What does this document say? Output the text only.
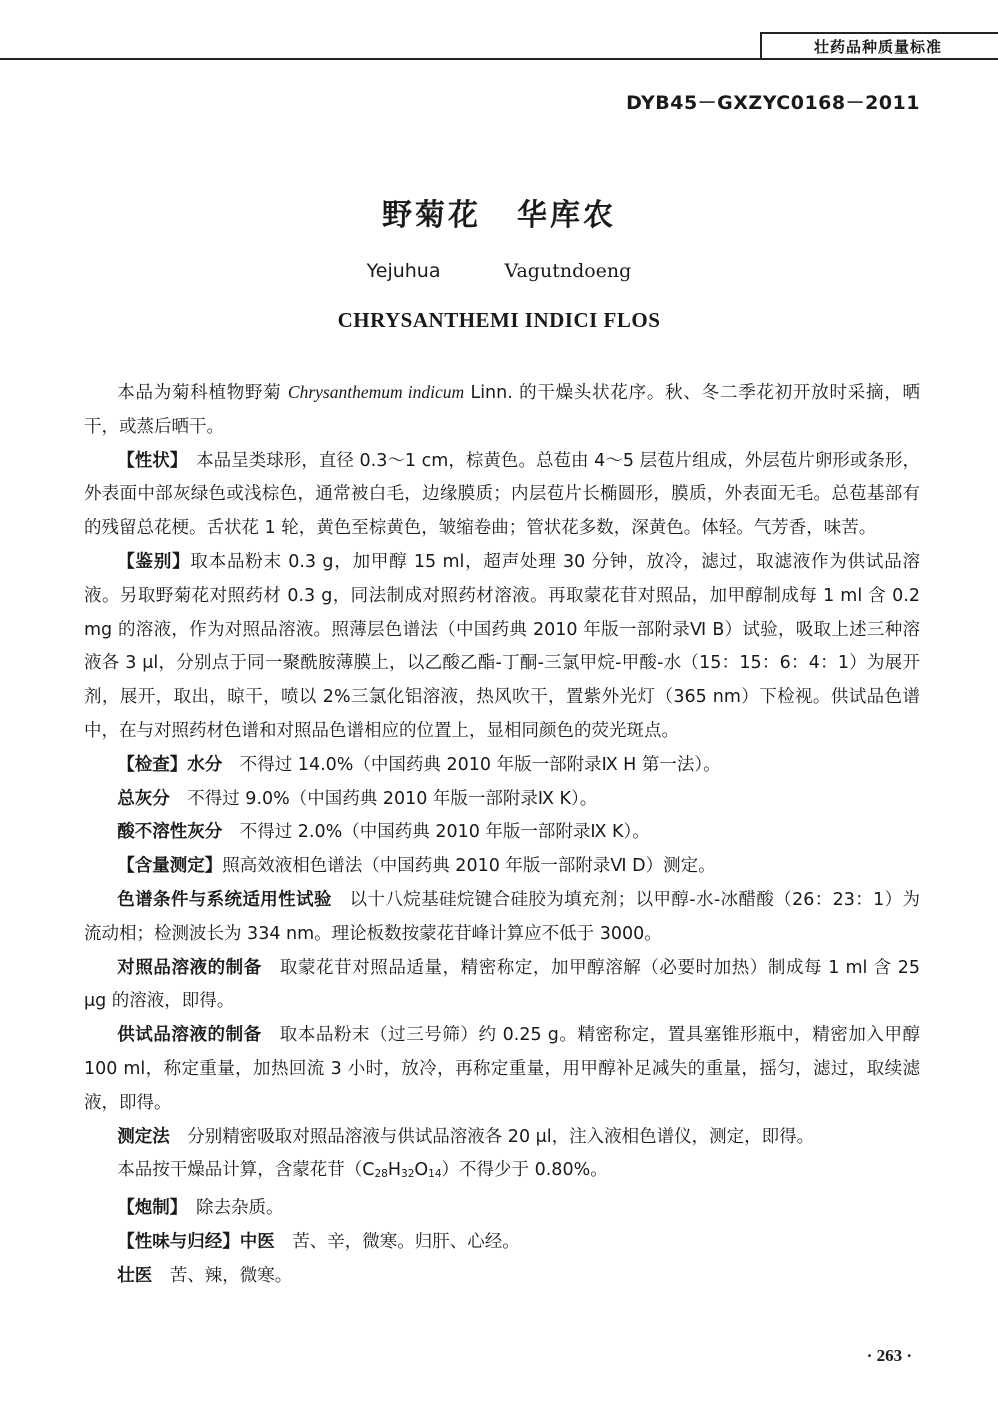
壮药品种质量标准
DYB45－GXZYC0168－2011
野菊花 华库农
Yejuhua	Vagutndoeng
CHRYSANTHEMI INDICI FLOS

本品为菊科植物野菊 Chrysanthemum indicum Linn. 的干燥头状花序。秋、冬二季花初开放时采摘，晒干，或蒸后晒干。

【性状】　本品呈类球形，直径 0.3～1 cm，棕黄色。总苞由 4～5 层苞片组成，外层苞片卵形或条形，外表面中部灰绿色或浅棕色，通常被白毛，边缘膜质；内层苞片长椭圆形，膜质，外表面无毛。总苞基部有的残留总花梗。舌状花 1 轮，黄色至棕黄色，皱缩卷曲；管状花多数，深黄色。体轻。气芳香，味苦。

【鉴别】取本品粉末 0.3 g，加甲醇 15 ml，超声处理 30 分钟，放冷，滤过，取滤液作为供试品溶液。另取野菊花对照药材 0.3 g，同法制成对照药材溶液。再取蒙花苷对照品，加甲醇制成每 1 ml 含 0.2 mg 的溶液，作为对照品溶液。照薄层色谱法（中国药典 2010 年版一部附录Ⅵ B）试验，吸取上述三种溶液各 3 μl，分别点于同一聚酰胺薄膜上，以乙酸乙酯-丁酮-三氯甲烷-甲酸-水（15：15：6：4：1）为展开剂，展开，取出，晾干，喷以 2%三氯化铝溶液，热风吹干，置紫外光灯（365 nm）下检视。供试品色谱中，在与对照药材色谱和对照品色谱相应的位置上，显相同颜色的荧光斑点。

【检查】水分　不得过 14.0%（中国药典 2010 年版一部附录Ⅸ H 第一法）。

总灰分　不得过 9.0%（中国药典 2010 年版一部附录Ⅸ K）。

酸不溶性灰分　不得过 2.0%（中国药典 2010 年版一部附录Ⅸ K）。

【含量测定】照高效液相色谱法（中国药典 2010 年版一部附录Ⅵ D）测定。

色谱条件与系统适用性试验　以十八烷基硅烷键合硅胶为填充剂；以甲醇-水-冰醋酸（26：23：1）为流动相；检测波长为 334 nm。理论板数按蒙花苷峰计算应不低于 3000。

对照品溶液的制备　取蒙花苷对照品适量，精密称定，加甲醇溶解（必要时加热）制成每 1 ml 含 25 μg 的溶液，即得。

供试品溶液的制备　取本品粉末（过三号筛）约 0.25 g。精密称定，置具塞锥形瓶中，精密加入甲醇 100 ml，称定重量，加热回流 3 小时，放冷，再称定重量，用甲醇补足减失的重量，摇匀，滤过，取续滤液，即得。

测定法　分别精密吸取对照品溶液与供试品溶液各 20 μl，注入液相色谱仪，测定，即得。

本品按干燥品计算，含蒙花苷$(C_{28}H_{32}O_{14})$不得少于 0.80%。

【炮制】　除去杂质。

【性味与归经】中医　苦、辛，微寒。归肝、心经。

壮医　苦、辣，微寒。

· 263 ·
